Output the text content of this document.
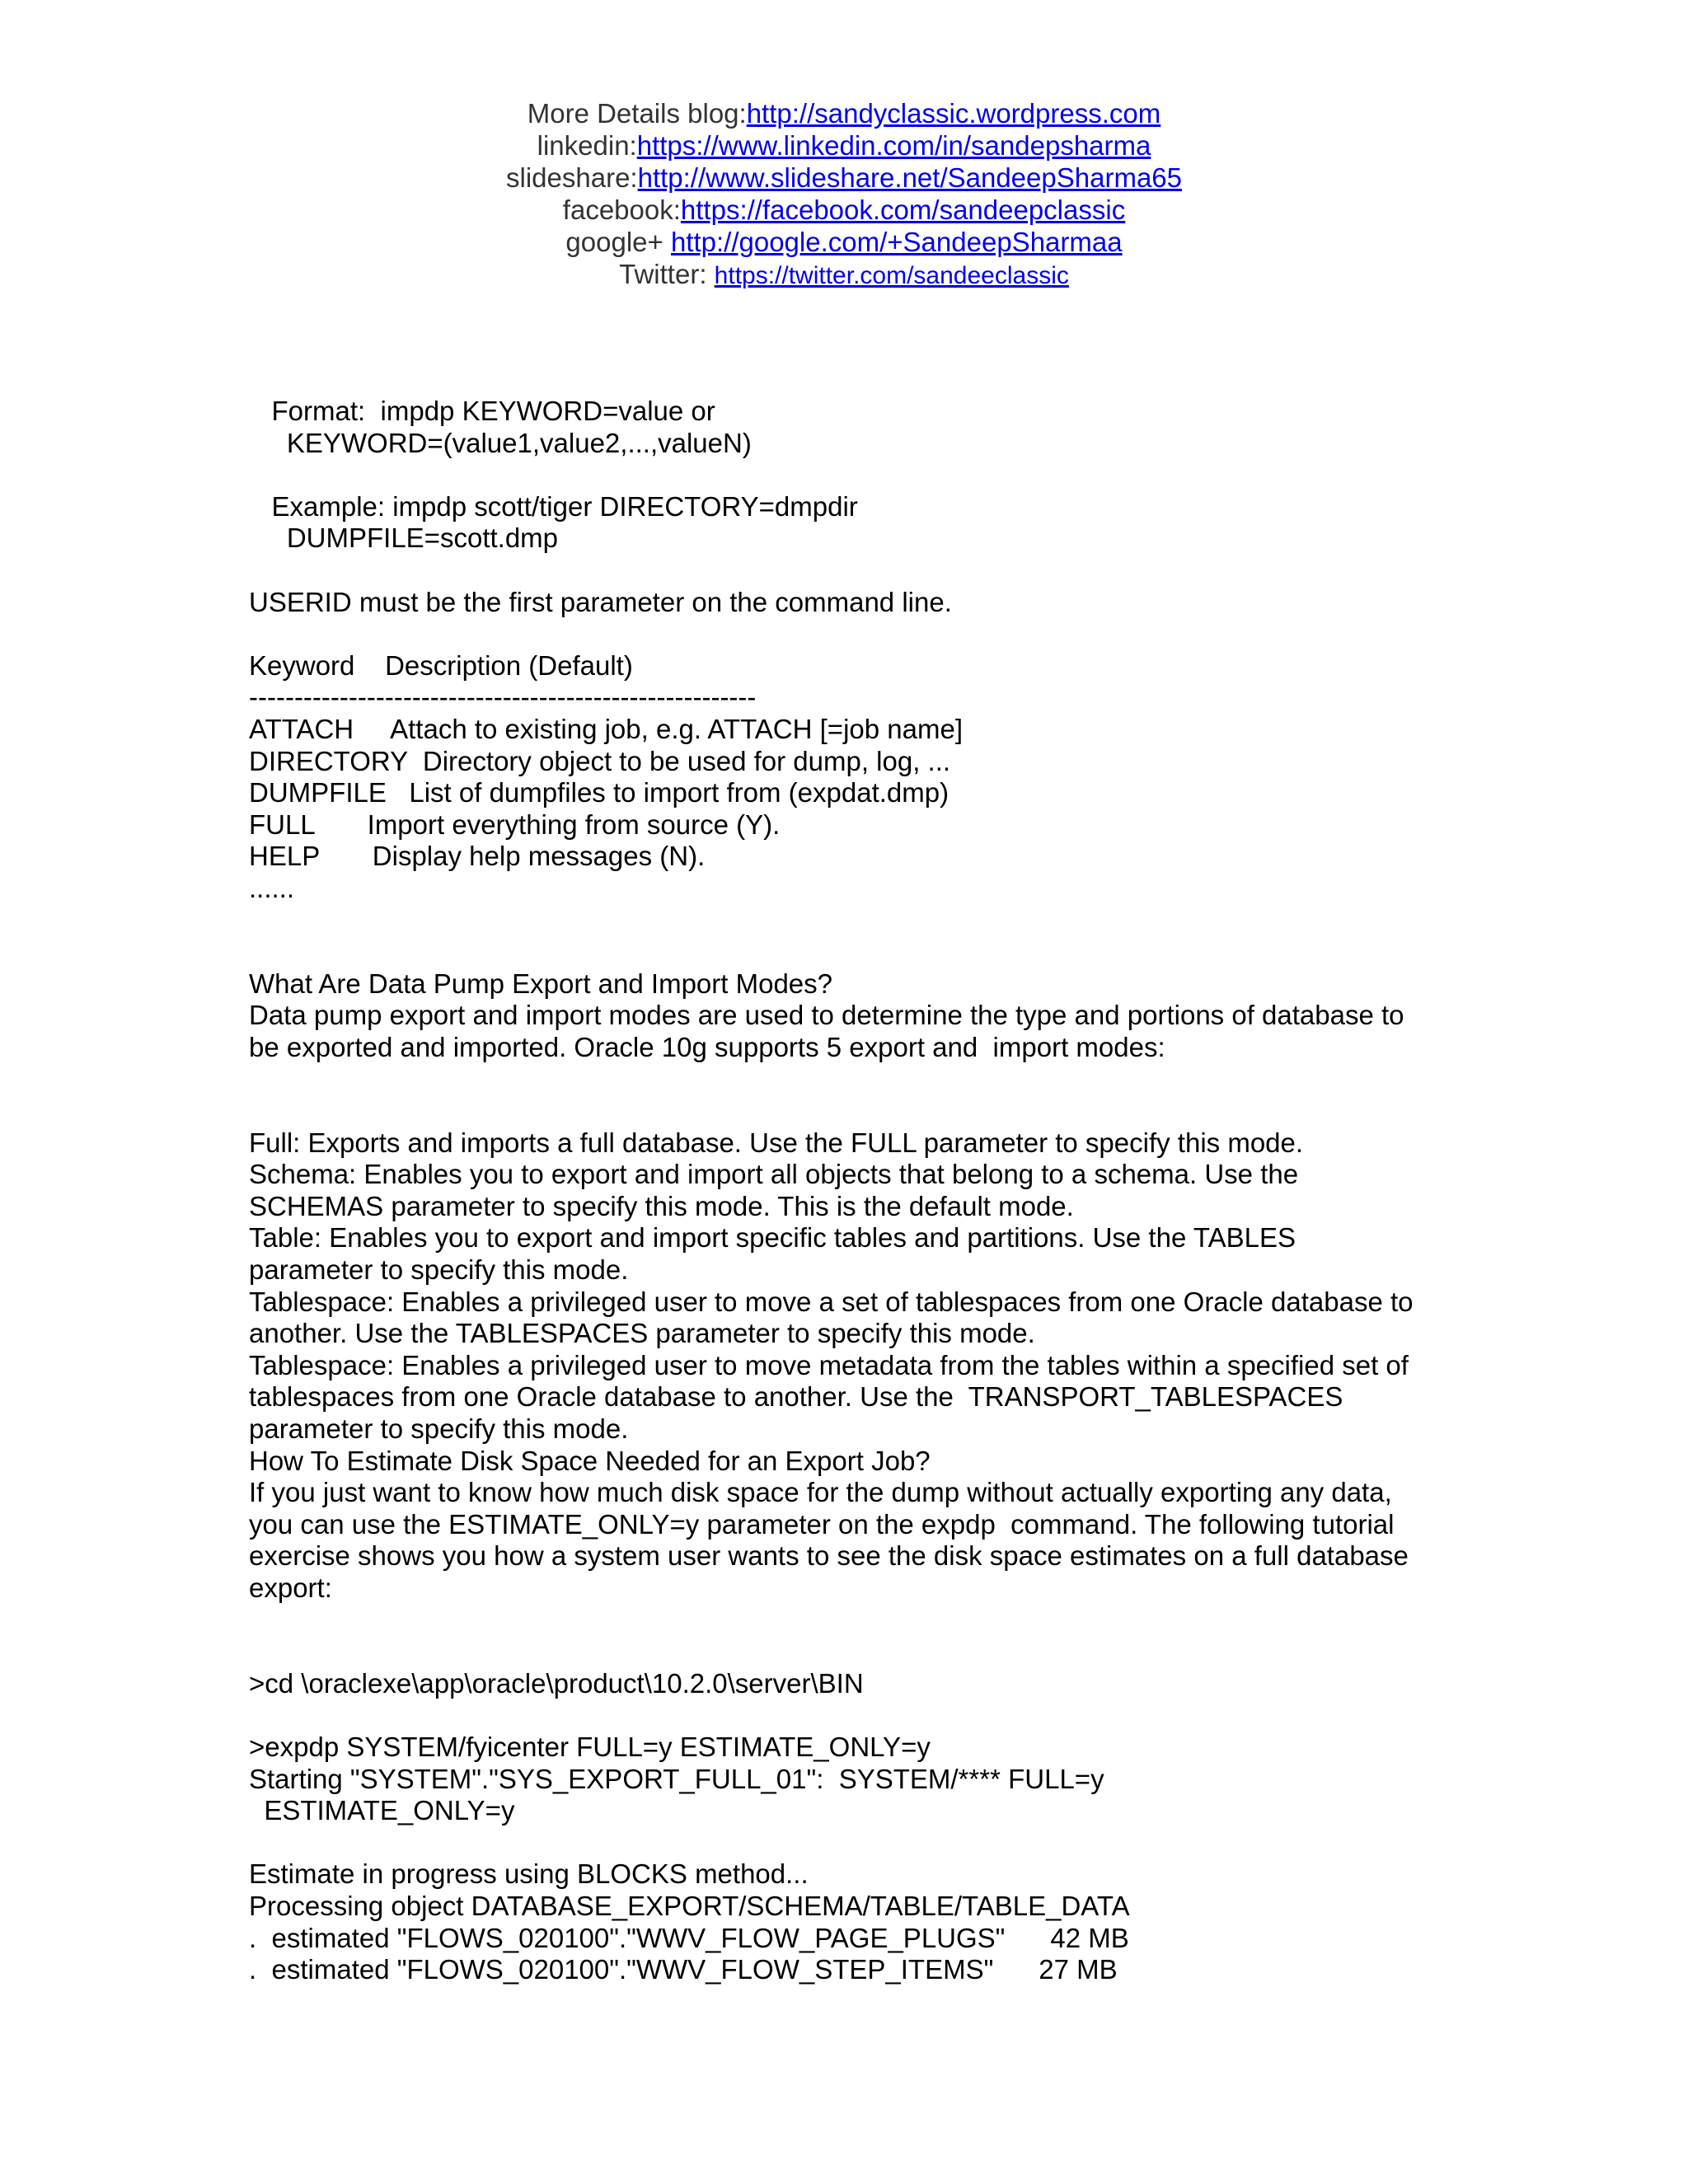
More Details blog:http://sandyclassic.wordpress.com
linkedin:https://www.linkedin.com/in/sandepsharma
slideshare:http://www.slideshare.net/SandeepSharma65
facebook:https://facebook.com/sandeepclassic
google+ http://google.com/+SandeepSharmaa
Twitter: https://twitter.com/sandeeclassic
Format:  impdp KEYWORD=value or
KEYWORD=(value1,value2,...,valueN)
Example: impdp scott/tiger DIRECTORY=dmpdir
DUMPFILE=scott.dmp
USERID must be the first parameter on the command line.
Keyword    Description (Default)
--------------------------------------------------------
ATTACH     Attach to existing job, e.g. ATTACH [=job name]
DIRECTORY  Directory object to be used for dump, log, ...
DUMPFILE   List of dumpfiles to import from (expdat.dmp)
FULL       Import everything from source (Y).
HELP       Display help messages (N).
......
What Are Data Pump Export and Import Modes?
Data pump export and import modes are used to determine the type and portions of database to
be exported and imported. Oracle 10g supports 5 export and  import modes:
Full: Exports and imports a full database. Use the FULL parameter to specify this mode.
Schema: Enables you to export and import all objects that belong to a schema. Use the
SCHEMAS parameter to specify this mode. This is the default mode.
Table: Enables you to export and import specific tables and partitions. Use the TABLES
parameter to specify this mode.
Tablespace: Enables a privileged user to move a set of tablespaces from one Oracle database to
another. Use the TABLESPACES parameter to specify this mode.
Tablespace: Enables a privileged user to move metadata from the tables within a specified set of
tablespaces from one Oracle database to another. Use the  TRANSPORT_TABLESPACES
parameter to specify this mode.
How To Estimate Disk Space Needed for an Export Job?
If you just want to know how much disk space for the dump without actually exporting any data,
you can use the ESTIMATE_ONLY=y parameter on the expdp  command. The following tutorial
exercise shows you how a system user wants to see the disk space estimates on a full database
export:
>cd \oraclexe\app\oracle\product\10.2.0\server\BIN
>expdp SYSTEM/fyicenter FULL=y ESTIMATE_ONLY=y
Starting "SYSTEM"."SYS_EXPORT_FULL_01":  SYSTEM/**** FULL=y
ESTIMATE_ONLY=y
Estimate in progress using BLOCKS method...
Processing object DATABASE_EXPORT/SCHEMA/TABLE/TABLE_DATA
.  estimated "FLOWS_020100"."WWV_FLOW_PAGE_PLUGS"      42 MB
.  estimated "FLOWS_020100"."WWV_FLOW_STEP_ITEMS"      27 MB
